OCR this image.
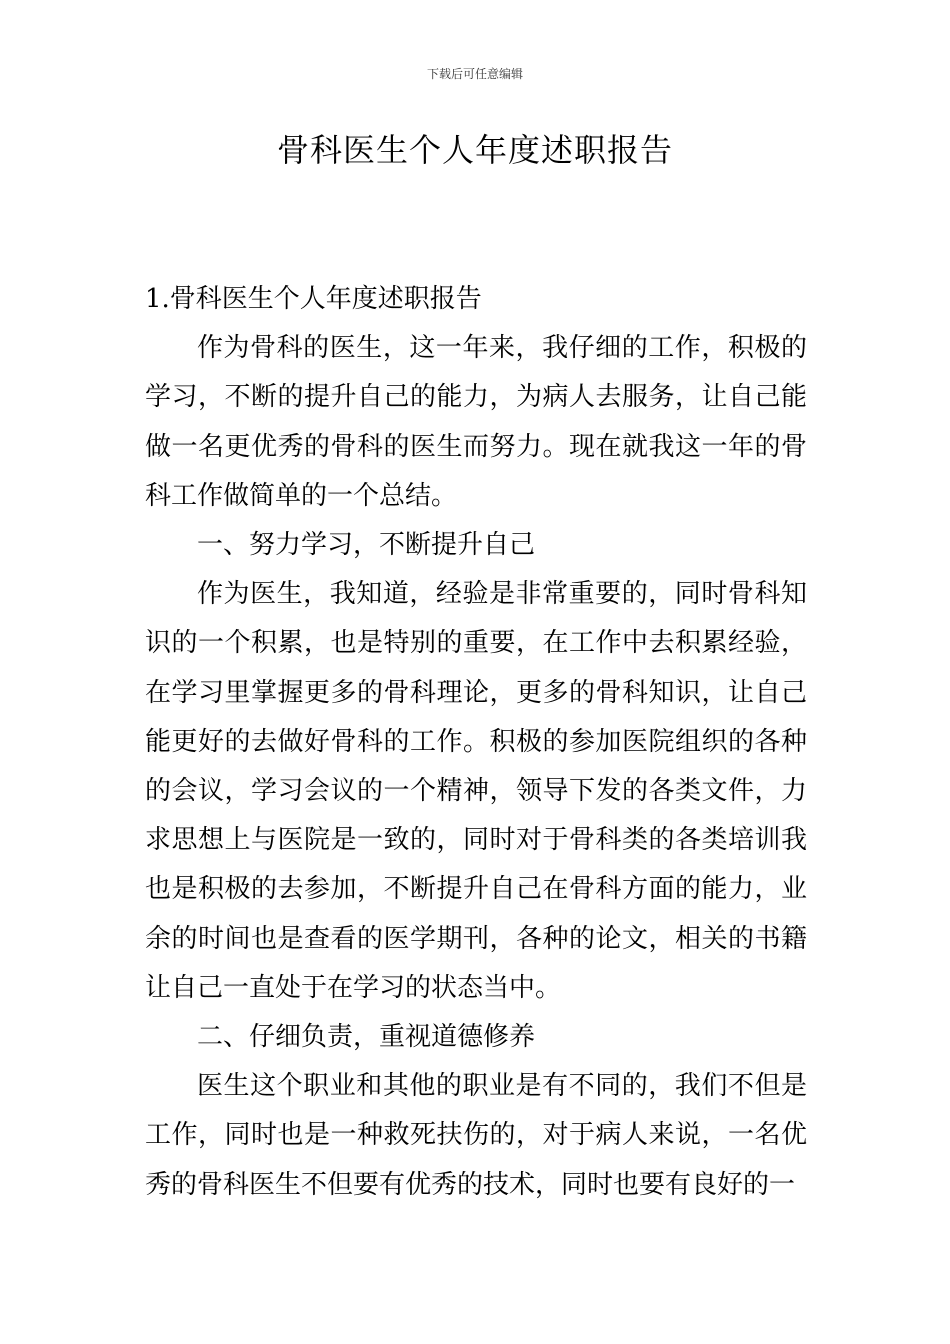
下载后可任意编辑
骨科医生个人年度述职报告

1.骨科医生个人年度述职报告

作为骨科的医生，这一年来，我仔细的工作，积极的学习，不断的提升自己的能力，为病人去服务，让自己能做一名更优秀的骨科的医生而努力。现在就我这一年的骨科工作做简单的一个总结。

一、努力学习，不断提升自己

作为医生，我知道，经验是非常重要的，同时骨科知识的一个积累，也是特别的重要，在工作中去积累经验，在学习里掌握更多的骨科理论，更多的骨科知识，让自己能更好的去做好骨科的工作。积极的参加医院组织的各种的会议，学习会议的一个精神，领导下发的各类文件，力求思想上与医院是一致的，同时对于骨科类的各类培训我也是积极的去参加，不断提升自己在骨科方面的能力，业余的时间也是查看的医学期刊，各种的论文，相关的书籍让自己一直处于在学习的状态当中。

二、仔细负责，重视道德修养

医生这个职业和其他的职业是有不同的，我们不但是工作，同时也是一种救死扶伤的，对于病人来说，一名优秀的骨科医生不但要有优秀的技术，同时也要有良好的一
